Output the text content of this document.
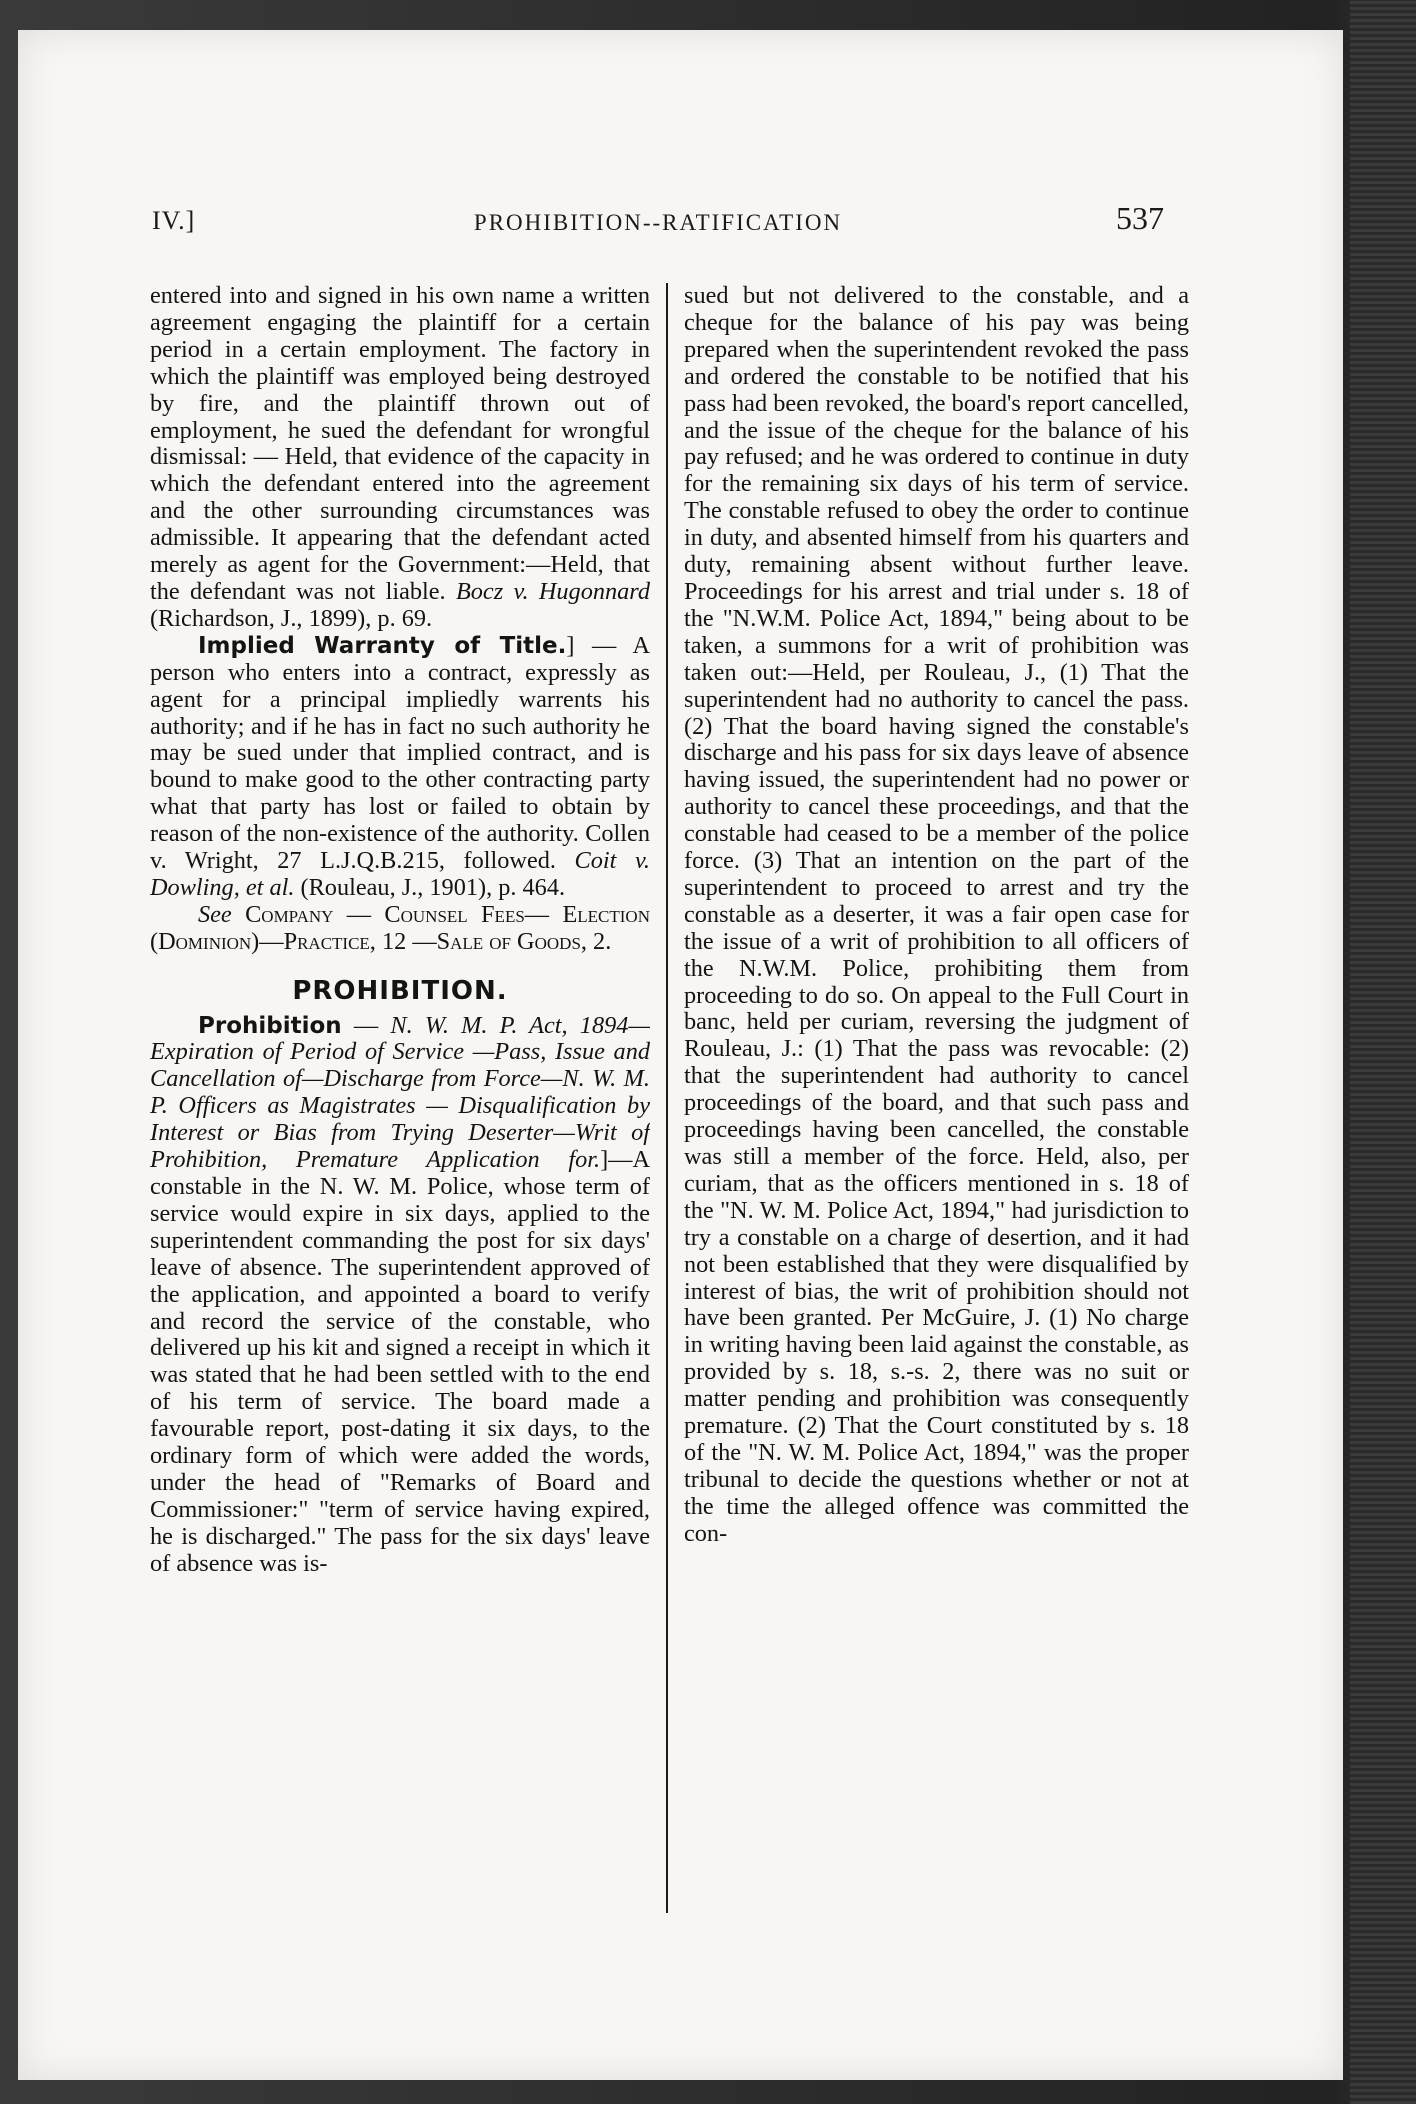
IV.]	PROHIBITION--RATIFICATION	537

entered into and signed in his own name a written agreement engaging the plaintiff for a certain period in a certain employment. The factory in which the plaintiff was employed being destroyed by fire, and the plaintiff thrown out of employment, he sued the defendant for wrongful dismissal: — Held, that evidence of the capacity in which the defendant entered into the agreement and the other surrounding circumstances was admissible. It appearing that the defendant acted merely as agent for the Government:—Held, that the defendant was not liable. Bocz v. Hugonnard (Richardson, J., 1899), p. 69.

Implied Warranty of Title.] — A person who enters into a contract, expressly as agent for a principal impliedly warrents his authority; and if he has in fact no such authority he may be sued under that implied contract, and is bound to make good to the other contracting party what that party has lost or failed to obtain by reason of the non-existence of the authority. Collen v. Wright, 27 L.J.Q.B.215, followed. Coit v. Dowling, et al. (Rouleau, J., 1901), p. 464.

See Company — Counsel Fees— Election (Dominion)—Practice, 12 —Sale of Goods, 2.

PROHIBITION.

Prohibition — N. W. M. P. Act, 1894—Expiration of Period of Service —Pass, Issue and Cancellation of—Discharge from Force—N. W. M. P. Officers as Magistrates — Disqualification by Interest or Bias from Trying Deserter—Writ of Prohibition, Premature Application for.]—A constable in the N. W. M. Police, whose term of service would expire in six days, applied to the superintendent commanding the post for six days' leave of absence. The superintendent approved of the application, and appointed a board to verify and record the service of the constable, who delivered up his kit and signed a receipt in which it was stated that he had been settled with to the end of his term of service. The board made a favourable report, post-dating it six days, to the ordinary form of which were added the words, under the head of "Remarks of Board and Commissioner:" "term of service having expired, he is discharged." The pass for the six days' leave of absence was is-

sued but not delivered to the constable, and a cheque for the balance of his pay was being prepared when the superintendent revoked the pass and ordered the constable to be notified that his pass had been revoked, the board's report cancelled, and the issue of the cheque for the balance of his pay refused; and he was ordered to continue in duty for the remaining six days of his term of service. The constable refused to obey the order to continue in duty, and absented himself from his quarters and duty, remaining absent without further leave. Proceedings for his arrest and trial under s. 18 of the "N.W.M. Police Act, 1894," being about to be taken, a summons for a writ of prohibition was taken out:—Held, per Rouleau, J., (1) That the superintendent had no authority to cancel the pass. (2) That the board having signed the constable's discharge and his pass for six days leave of absence having issued, the superintendent had no power or authority to cancel these proceedings, and that the constable had ceased to be a member of the police force. (3) That an intention on the part of the superintendent to proceed to arrest and try the constable as a deserter, it was a fair open case for the issue of a writ of prohibition to all officers of the N.W.M. Police, prohibiting them from proceeding to do so. On appeal to the Full Court in banc, held per curiam, reversing the judgment of Rouleau, J.: (1) That the pass was revocable: (2) that the superintendent had authority to cancel proceedings of the board, and that such pass and proceedings having been cancelled, the constable was still a member of the force. Held, also, per curiam, that as the officers mentioned in s. 18 of the "N. W. M. Police Act, 1894," had jurisdiction to try a constable on a charge of desertion, and it had not been established that they were disqualified by interest of bias, the writ of prohibition should not have been granted. Per McGuire, J. (1) No charge in writing having been laid against the constable, as provided by s. 18, s.-s. 2, there was no suit or matter pending and prohibition was consequently premature. (2) That the Court constituted by s. 18 of the "N. W. M. Police Act, 1894," was the proper tribunal to decide the questions whether or not at the time the alleged offence was committed the con-
